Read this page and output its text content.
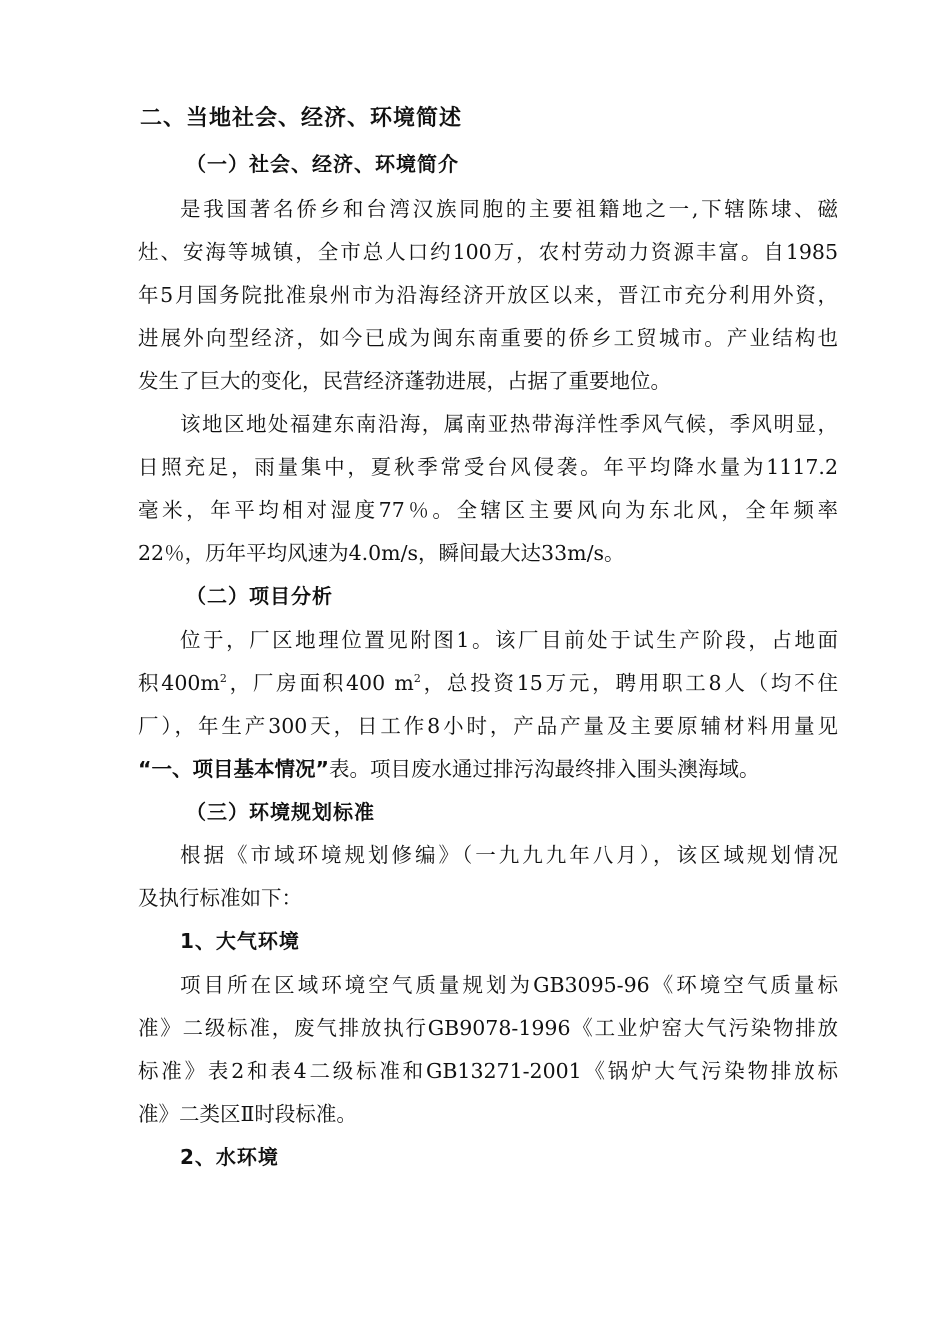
二、当地社会、经济、环境简述
（一）社会、经济、环境简介
是我国著名侨乡和台湾汉族同胞的主要祖籍地之一,下辖陈埭、磁
灶、安海等城镇，全市总人口约100万，农村劳动力资源丰富。自1985
年5月国务院批准泉州市为沿海经济开放区以来，晋江市充分利用外资，
进展外向型经济，如今已成为闽东南重要的侨乡工贸城市。产业结构也
发生了巨大的变化，民营经济蓬勃进展，占据了重要地位。
该地区地处福建东南沿海，属南亚热带海洋性季风气候，季风明显，
日照充足，雨量集中，夏秋季常受台风侵袭。年平均降水量为1117.2
毫米，年平均相对湿度77％。全辖区主要风向为东北风，全年频率
22％，历年平均风速为4.0m/s，瞬间最大达33m/s。
（二）项目分析
位于，厂区地理位置见附图1。该厂目前处于试生产阶段，占地面
积$400m^2$，厂房面积400 $m^2$，总投资15万元，聘用职工8人（均不住
厂），年生产300天，日工作8小时，产品产量及主要原辅材料用量见
“一、项目基本情况”表。项目废水通过排污沟最终排入围头澳海域。
（三）环境规划标准
根据《市域环境规划修编》（一九九九年八月），该区域规划情况
及执行标准如下：
1、大气环境
项目所在区域环境空气质量规划为GB3095-96《环境空气质量标
准》二级标准，废气排放执行GB9078-1996《工业炉窑大气污染物排放
标准》表2和表4二级标准和GB13271-2001《锅炉大气污染物排放标
准》二类区Ⅱ时段标准。
2、水环境
